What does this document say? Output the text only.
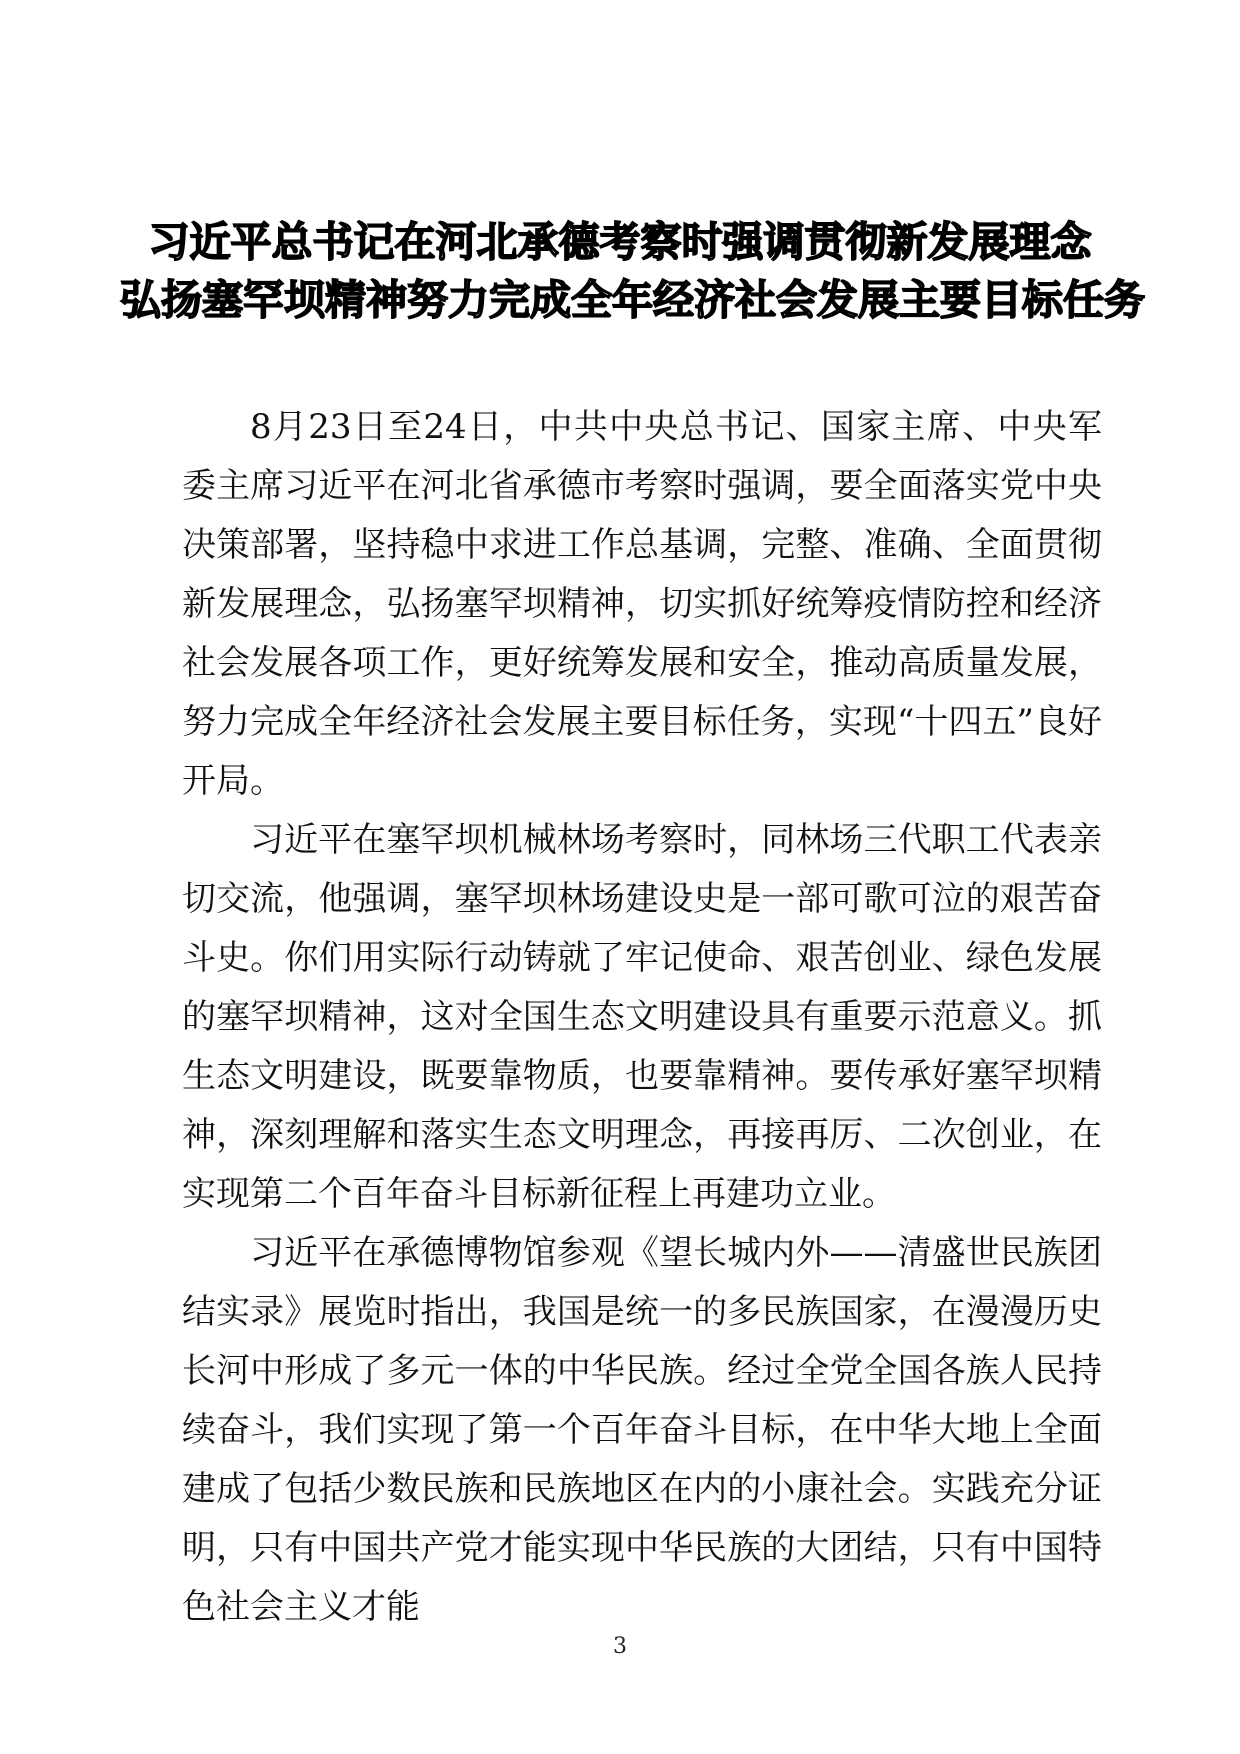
习近平总书记在河北承德考察时强调贯彻新发展理念
弘扬塞罕坝精神努力完成全年经济社会发展主要目标任务

8月23日至24日，中共中央总书记、国家主席、中央军委主席习近平在河北省承德市考察时强调，要全面落实党中央决策部署，坚持稳中求进工作总基调，完整、准确、全面贯彻新发展理念，弘扬塞罕坝精神，切实抓好统筹疫情防控和经济社会发展各项工作，更好统筹发展和安全，推动高质量发展，努力完成全年经济社会发展主要目标任务，实现“十四五”良好开局。

习近平在塞罕坝机械林场考察时，同林场三代职工代表亲切交流，他强调，塞罕坝林场建设史是一部可歌可泣的艰苦奋斗史。你们用实际行动铸就了牢记使命、艰苦创业、绿色发展的塞罕坝精神，这对全国生态文明建设具有重要示范意义。抓生态文明建设，既要靠物质，也要靠精神。要传承好塞罕坝精神，深刻理解和落实生态文明理念，再接再厉、二次创业，在实现第二个百年奋斗目标新征程上再建功立业。

习近平在承德博物馆参观《望长城内外——清盛世民族团结实录》展览时指出，我国是统一的多民族国家，在漫漫历史长河中形成了多元一体的中华民族。经过全党全国各族人民持续奋斗，我们实现了第一个百年奋斗目标，在中华大地上全面建成了包括少数民族和民族地区在内的小康社会。实践充分证明，只有中国共产党才能实现中华民族的大团结，只有中国特色社会主义才能

3
